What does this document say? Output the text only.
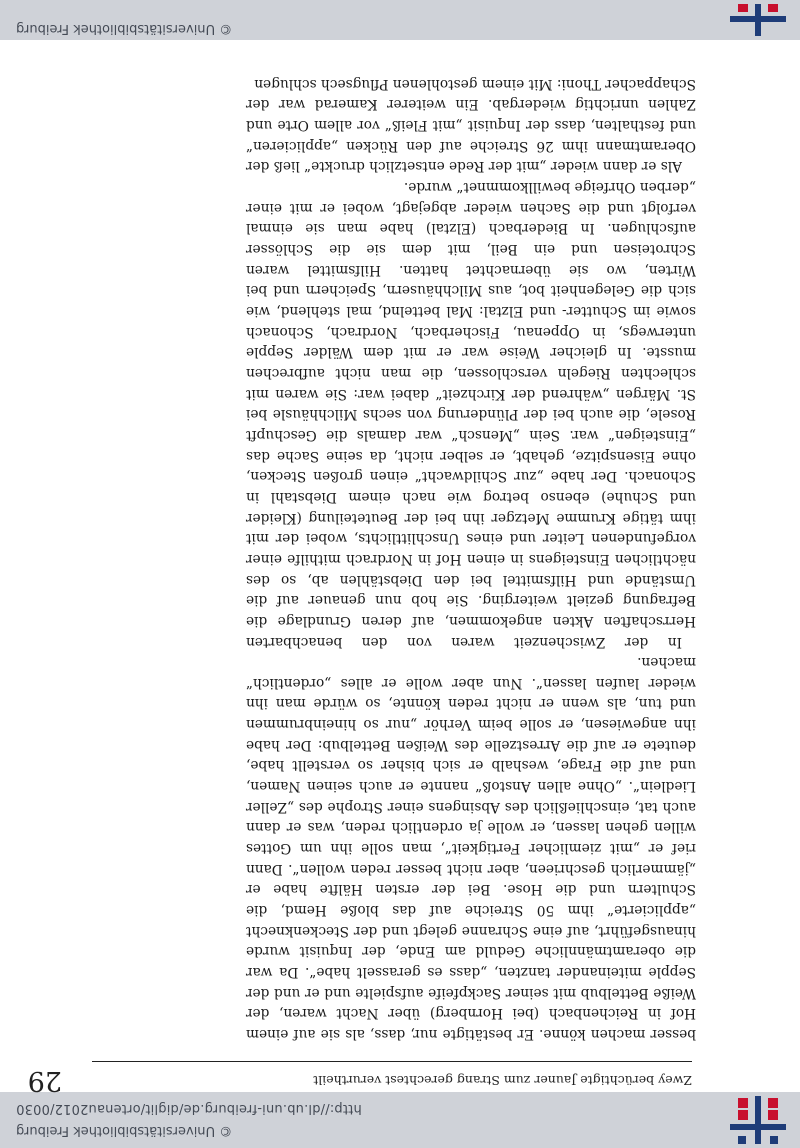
© Universitätsbibliothek Freiburg
http://dl.ub.uni-freiburg.de/diglit/ortenau2012/0030
Zwey berüchtigte Jauner zum Strang gerechtest verurtheilt
29

besser machen könne. Er bestätigte nur, dass, als sie auf einem Hof in Reichenbach (bei Hornberg) über Nacht waren, der Weiße Bettelbub mit seiner Sackpfeife aufspielte und er und der Sepple miteinander tanzten, „dass es gerasselt habe“. Da war die oberamtmännliche Geduld am Ende, der Inquisit wurde hinausgeführt, auf eine Schranne gelegt und der Steckenknecht „applicierte“ ihm 50 Streiche auf das bloße Hemd, die Schultern und die Hose. Bei der ersten Hälfte habe er „jämmerlich geschrieen, aber nicht besser reden wollen“. Dann rief er „mit ziemlicher Fertigkeit“, man solle ihn um Gottes willen gehen lassen, er wolle ja ordentlich reden, was er dann auch tat, einschließlich des Absingens einer Strophe des „Zeller Liedlein“. „Ohne allen Anstoß“ nannte er auch seinen Namen, und auf die Frage, weshalb er sich bisher so verstellt habe, deutete er auf die Arrestzelle des Weißen Bettelbub: Der habe ihn angewiesen, er solle beim Verhör „nur so hineinbrummen und tun, als wenn er nicht reden könnte, so würde man ihn wieder laufen lassen“. Nun aber wolle er alles „ordentlich“ machen.

In der Zwischenzeit waren von den benachbarten Herrschaften Akten angekommen, auf deren Grundlage die Befragung gezielt weiterging. Sie hob nun genauer auf die Umstände und Hilfsmittel bei den Diebstählen ab, so des nächtlichen Einsteigens in einen Hof in Nordrach mithilfe einer vorgefundenen Leiter und eines Unschlittlichts, wobei der mit ihm tätige Krumme Metzger ihn bei der Beuteteilung (Kleider und Schuhe) ebenso betrog wie nach einem Diebstahl in Schonach. Der habe „zur Schildwacht“ einen großen Stecken, ohne Eisenspitze, gehabt, er selber nicht, da seine Sache das „Einsteigen“ war. Sein „Mensch“ war damals die Geschupft Rosele, die auch bei der Plünderung von sechs Milchhäusle bei St. Märgen „während der Kirchzeit“ dabei war: Sie waren mit schlechten Riegeln verschlossen, die man nicht aufbrechen musste. In gleicher Weise war er mit dem Wälder Sepple unterwegs, in Oppenau, Fischerbach, Nordrach, Schonach sowie im Schutter- und Elztal: Mal bettelnd, mal stehlend, wie sich die Gelegenheit bot, aus Milchhäusern, Speichern und bei Wirten, wo sie übernachtet hatten. Hilfsmittel waren Schroteisen und ein Beil, mit dem sie die Schlösser aufschlugen. In Biederbach (Elztal) habe man sie einmal verfolgt und die Sachen wieder abgejagt, wobei er mit einer „derben Ohrfeige bewillkommnet“ wurde.

Als er dann wieder „mit der Rede entsetzlich druckte“ ließ der Oberamtmann ihm 26 Streiche auf den Rücken „applicieren“ und festhalten, dass der Inquisit „mit Fleiß“ vor allem Orte und Zahlen unrichtig wiedergab. Ein weiterer Kamerad war der Schappacher Thoni: Mit einem gestohlenen Pflugsech schlugen

© Universitätsbibliothek Freiburg
